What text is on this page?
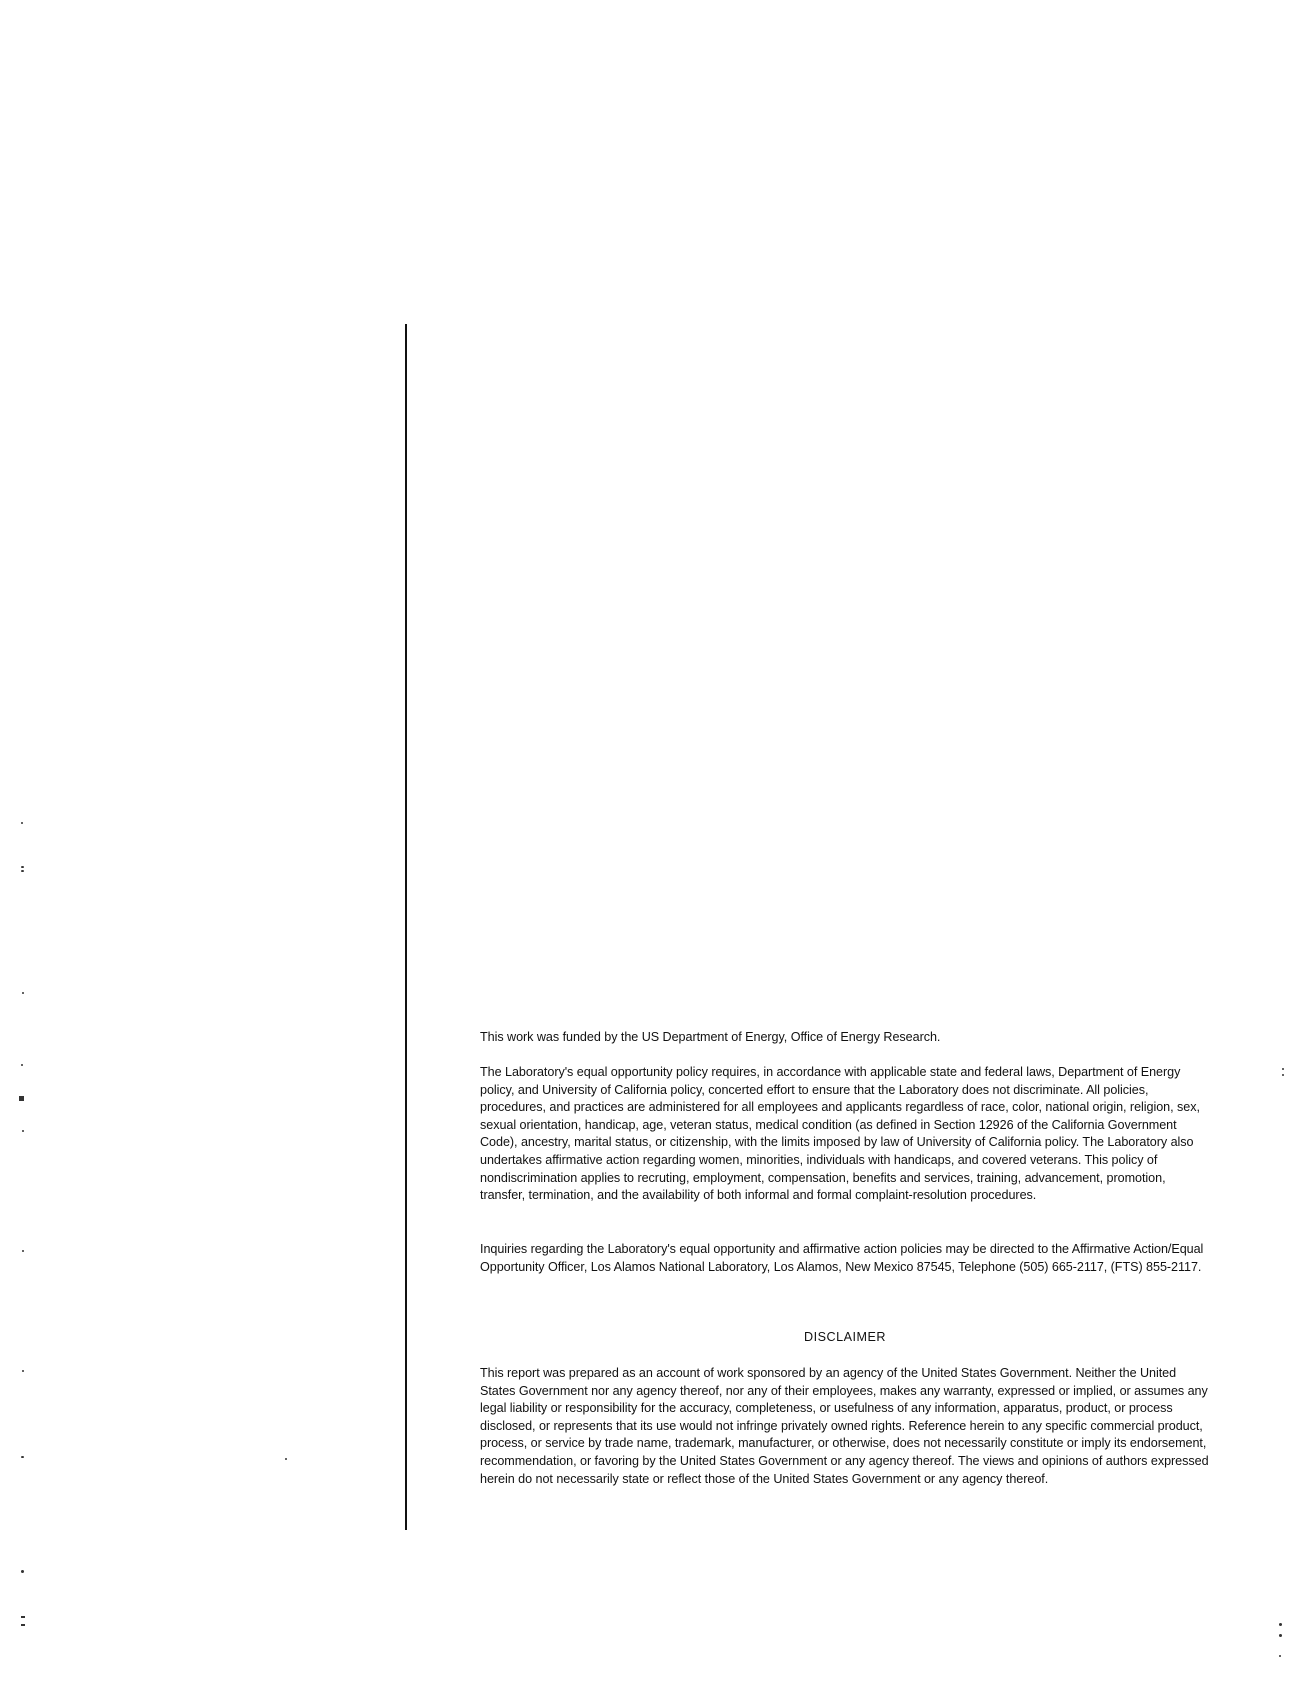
This work was funded by the US Department of Energy, Office of Energy Research.

The Laboratory's equal opportunity policy requires, in accordance with applicable state and federal laws, Department of Energy policy, and University of California policy, concerted effort to ensure that the Laboratory does not discriminate. All policies, procedures, and practices are administered for all employees and applicants regardless of race, color, national origin, religion, sex, sexual orientation, handicap, age, veteran status, medical condition (as defined in Section 12926 of the California Government Code), ancestry, marital status, or citizenship, with the limits imposed by law of University of California policy. The Laboratory also undertakes affirmative action regarding women, minorities, individuals with handicaps, and covered veterans. This policy of nondiscrimination applies to recruting, employment, compensation, benefits and services, training, advancement, promotion, transfer, termination, and the availability of both informal and formal complaint-resolution procedures.

Inquiries regarding the Laboratory's equal opportunity and affirmative action policies may be directed to the Affirmative Action/Equal Opportunity Officer, Los Alamos National Laboratory, Los Alamos, New Mexico 87545, Telephone (505) 665-2117, (FTS) 855-2117.

DISCLAIMER

This report was prepared as an account of work sponsored by an agency of the United States Government. Neither the United States Government nor any agency thereof, nor any of their employees, makes any warranty, expressed or implied, or assumes any legal liability or responsibility for the accuracy, completeness, or usefulness of any information, apparatus, product, or process disclosed, or represents that its use would not infringe privately owned rights. Reference herein to any specific commercial product, process, or service by trade name, trademark, manufacturer, or otherwise, does not necessarily constitute or imply its endorsement, recommendation, or favoring by the United States Government or any agency thereof. The views and opinions of authors expressed herein do not necessarily state or reflect those of the United States Government or any agency thereof.
